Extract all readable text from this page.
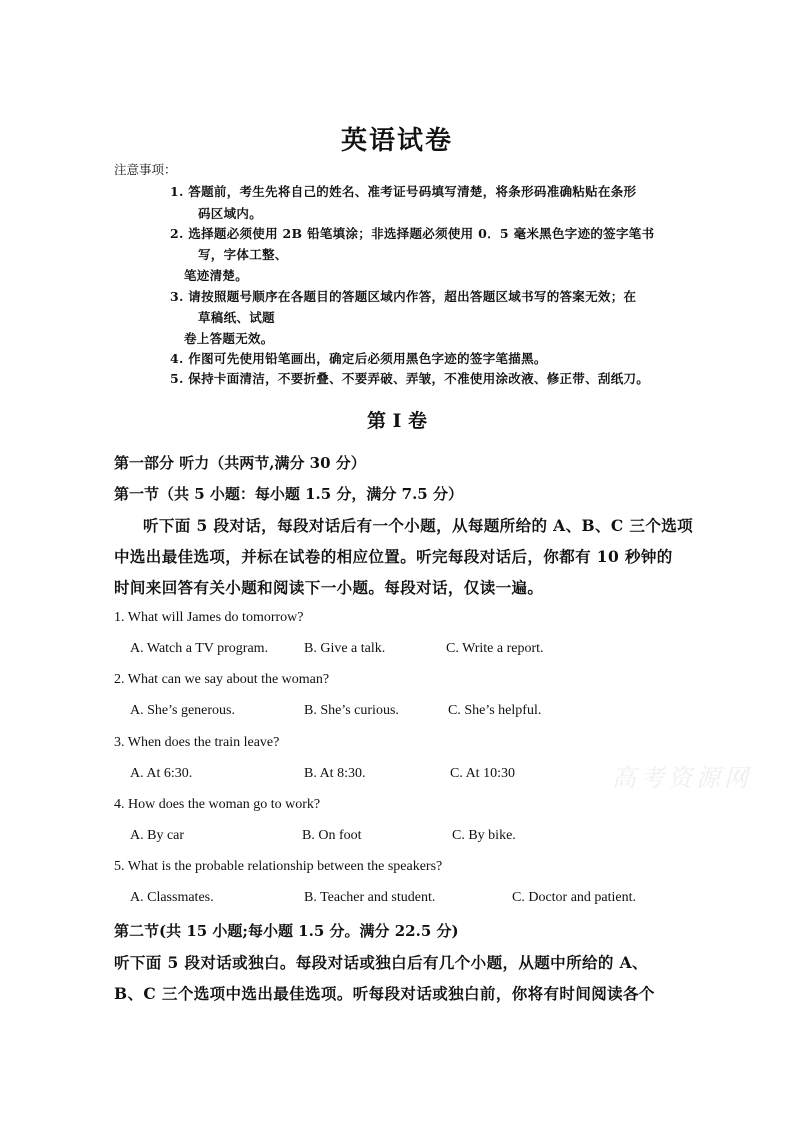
英语试卷
注意事项：
1. 答题前，考生先将自己的姓名、准考证号码填写清楚，将条形码准确粘贴在条形
码区域内。
2. 选择题必须使用 2B 铅笔填涂；非选择题必须使用 0．5 毫米黑色字迹的签字笔书
写，字体工整、
笔迹清楚。
3. 请按照题号顺序在各题目的答题区域内作答，超出答题区域书写的答案无效；在
草稿纸、试题
卷上答题无效。
4. 作图可先使用铅笔画出，确定后必须用黑色字迹的签字笔描黑。
5. 保持卡面清洁，不要折叠、不要弄破、弄皱，不准使用涂改液、修正带、刮纸刀。
第 I 卷
第一部分 听力（共两节,满分 30 分）
第一节（共 5 小题：每小题 1.5 分，满分 7.5 分）
听下面 5 段对话，每段对话后有一个小题，从每题所给的 A、B、C 三个选项
中选出最佳选项，并标在试卷的相应位置。听完每段对话后，你都有 10 秒钟的
时间来回答有关小题和阅读下一小题。每段对话，仅读一遍。
1. What will James do tomorrow?
A. Watch a TV program.	B. Give a talk.	C. Write a report.
2. What can we say about the woman?
A. She’s generous.	B. She’s curious.	C. She’s helpful.
3. When does the train leave?
A. At 6:30.	B. At 8:30.	C. At 10:30
4. How does the woman go to work?
A. By car	B. On foot	C. By bike.
5. What is the probable relationship between the speakers?
A. Classmates.	B. Teacher and student.	C. Doctor and patient.
第二节(共 15 小题;每小题 1.5 分。满分 22.5 分)
听下面 5 段对话或独白。每段对话或独白后有几个小题，从题中所给的 A、
B、C 三个选项中选出最佳选项。听每段对话或独白前，你将有时间阅读各个
高考资源网
